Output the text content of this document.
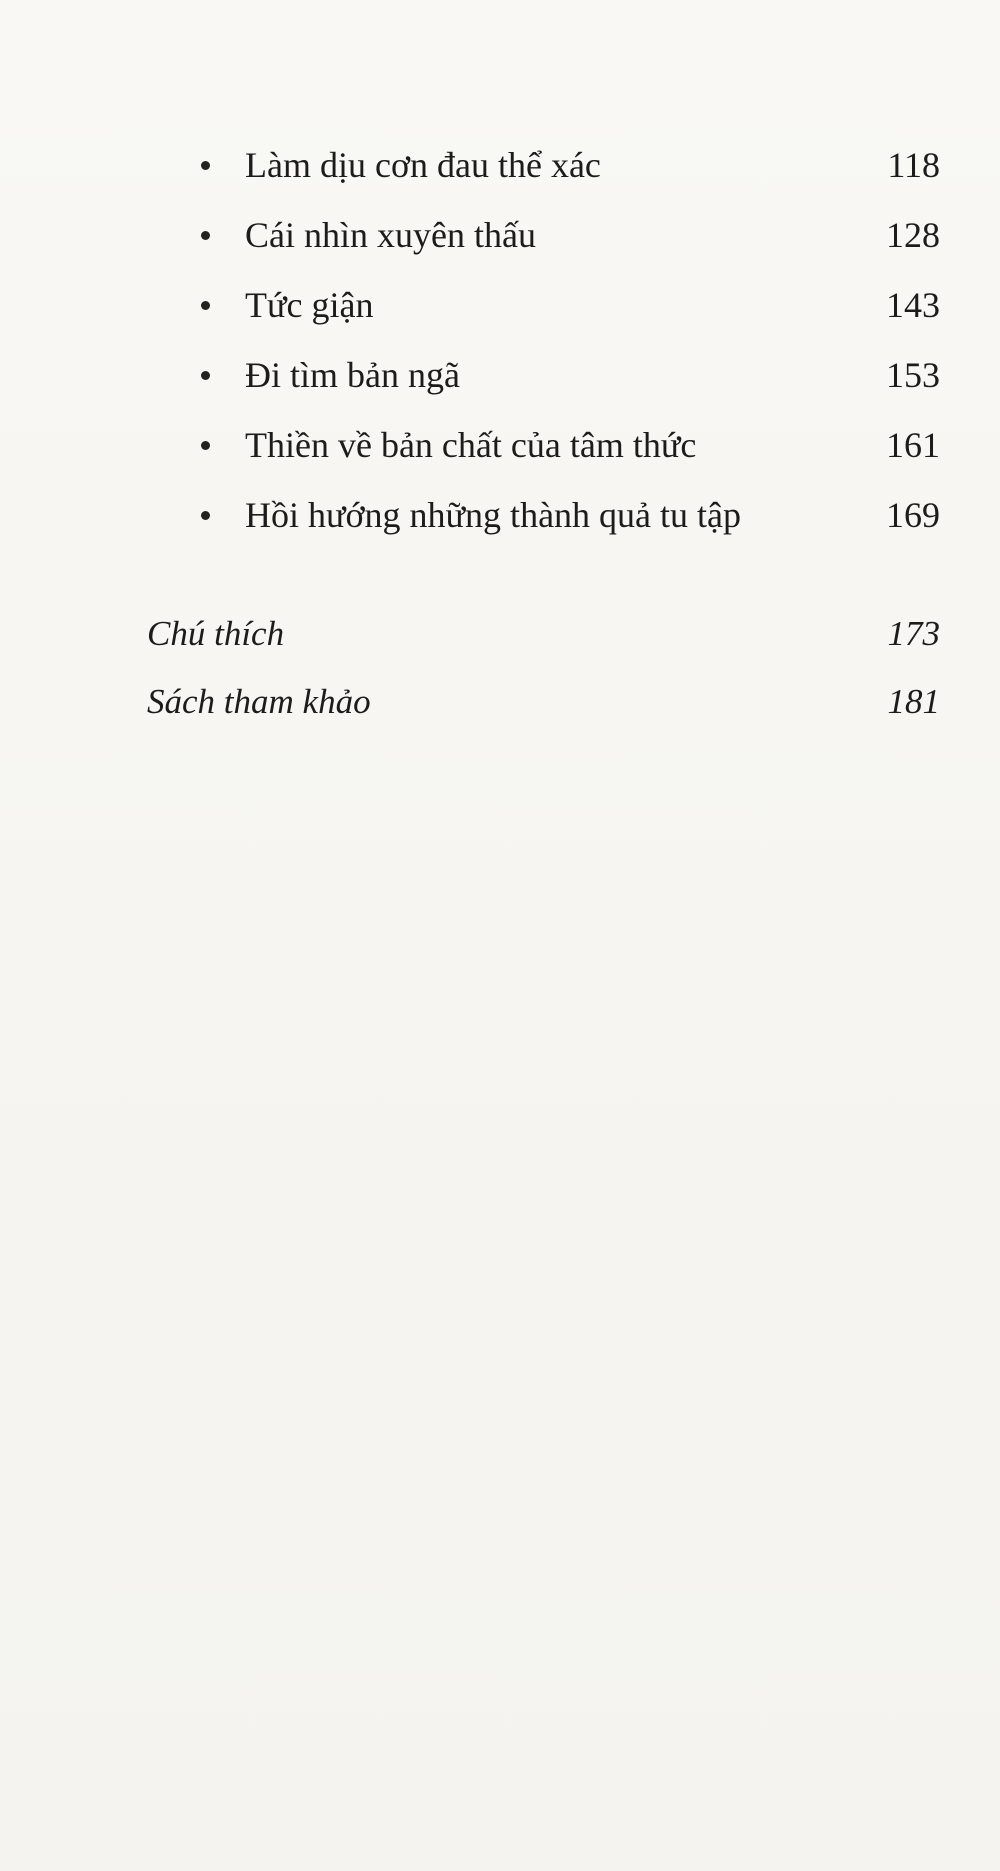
Làm dịu cơn đau thể xác	118
Cái nhìn xuyên thấu	128
Tức giận	143
Đi tìm bản ngã	153
Thiền về bản chất của tâm thức	161
Hồi hướng những thành quả tu tập	169
Chú thích	173
Sách tham khảo	181
